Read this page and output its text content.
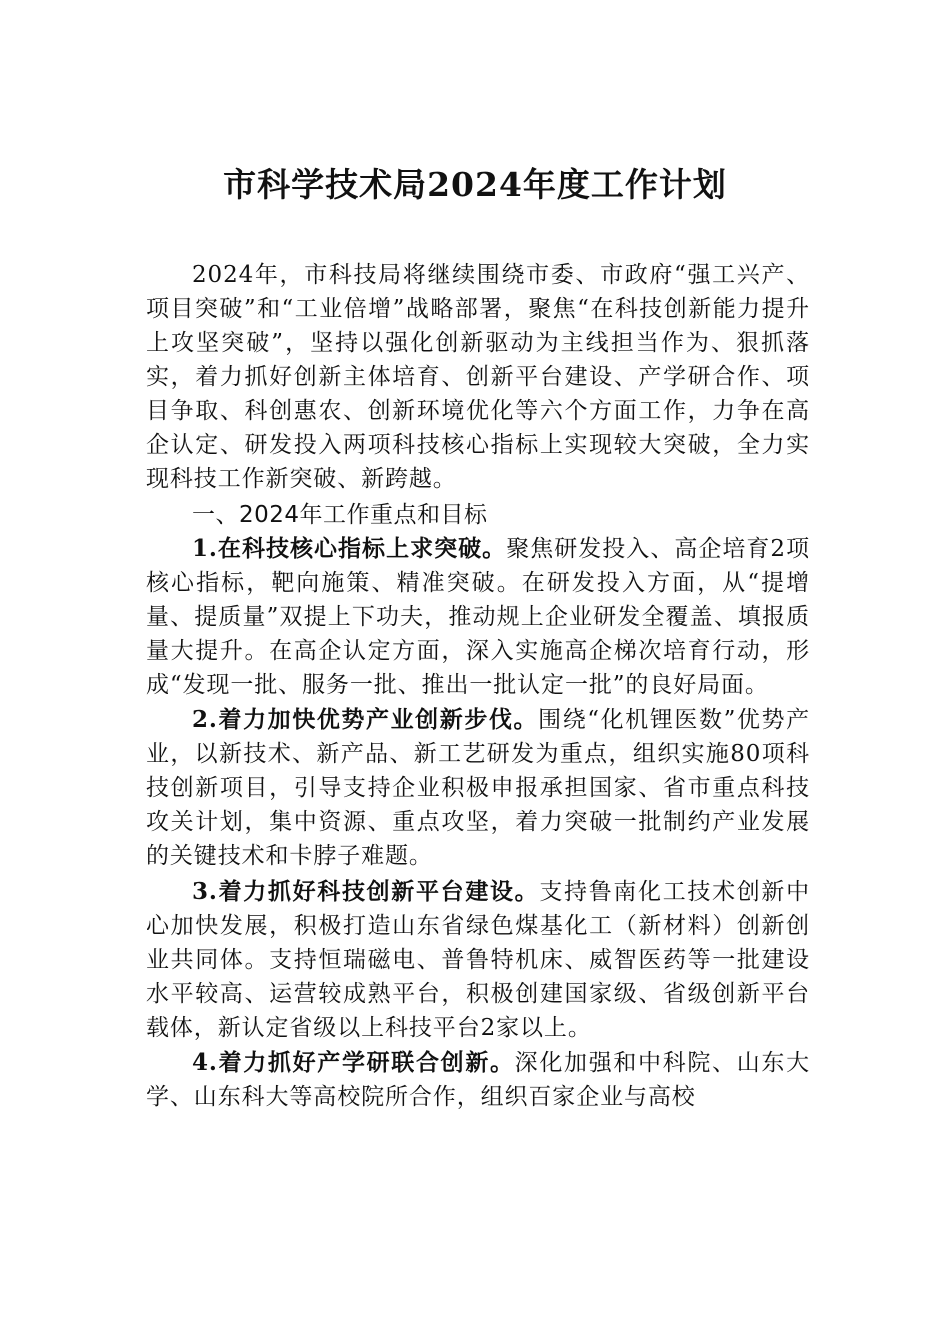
市科学技术局2024年度工作计划

2024年，市科技局将继续围绕市委、市政府“强工兴产、项目突破”和“工业倍增”战略部署，聚焦“在科技创新能力提升上攻坚突破”，坚持以强化创新驱动为主线担当作为、狠抓落实，着力抓好创新主体培育、创新平台建设、产学研合作、项目争取、科创惠农、创新环境优化等六个方面工作，力争在高企认定、研发投入两项科技核心指标上实现较大突破，全力实现科技工作新突破、新跨越。

一、2024年工作重点和目标

1.在科技核心指标上求突破。聚焦研发投入、高企培育2项核心指标，靶向施策、精准突破。在研发投入方面，从“提增量、提质量”双提上下功夫，推动规上企业研发全覆盖、填报质量大提升。在高企认定方面，深入实施高企梯次培育行动，形成“发现一批、服务一批、推出一批认定一批”的良好局面。

2.着力加快优势产业创新步伐。围绕“化机锂医数”优势产业，以新技术、新产品、新工艺研发为重点，组织实施80项科技创新项目，引导支持企业积极申报承担国家、省市重点科技攻关计划，集中资源、重点攻坚，着力突破一批制约产业发展的关键技术和卡脖子难题。

3.着力抓好科技创新平台建设。支持鲁南化工技术创新中心加快发展，积极打造山东省绿色煤基化工（新材料）创新创业共同体。支持恒瑞磁电、普鲁特机床、威智医药等一批建设水平较高、运营较成熟平台，积极创建国家级、省级创新平台载体，新认定省级以上科技平台2家以上。

4.着力抓好产学研联合创新。深化加强和中科院、山东大学、山东科大等高校院所合作，组织百家企业与高校
